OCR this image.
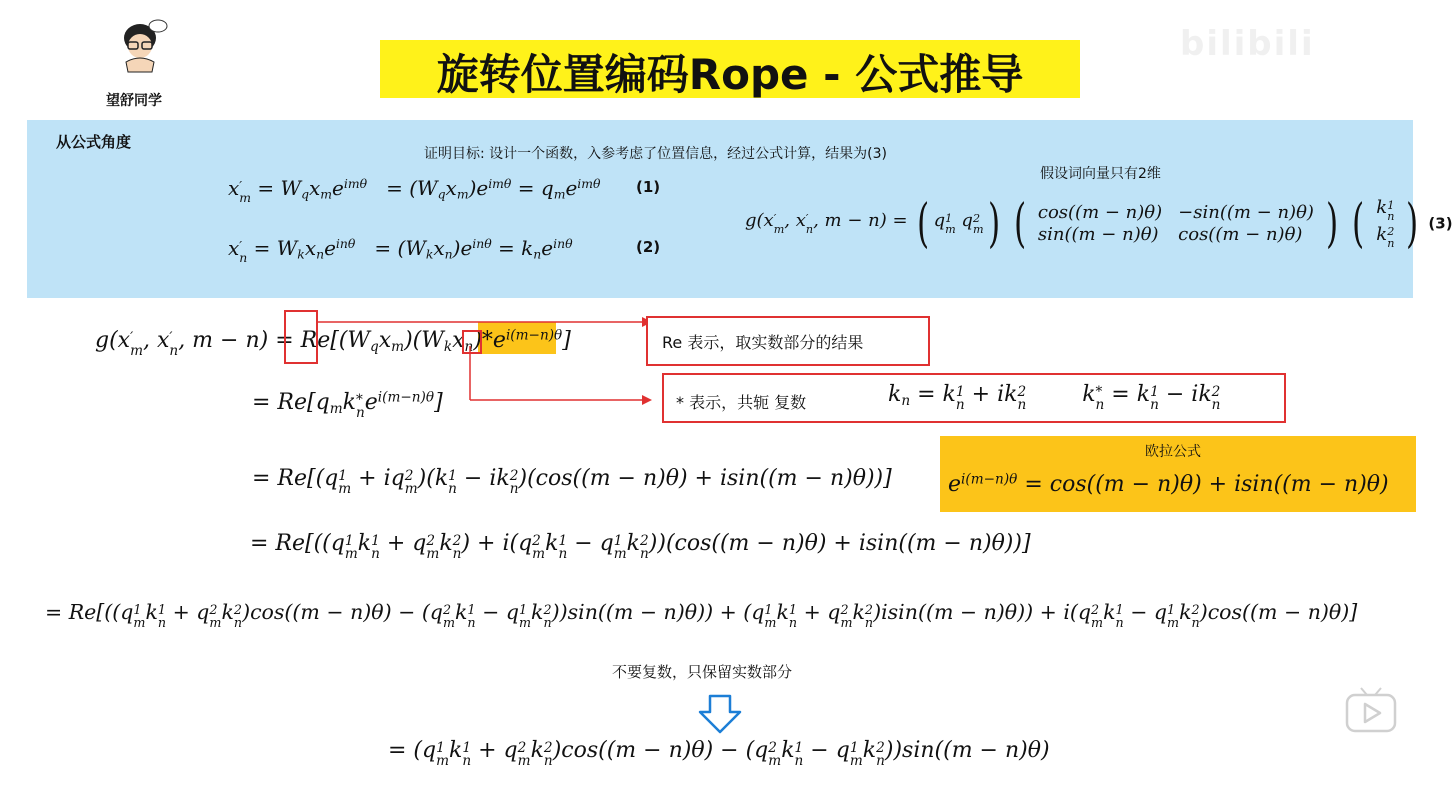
望舒同学
旋转位置编码Rope - 公式推导
bilibili
从公式角度
证明目标: 设计一个函数，入参考虑了位置信息，经过公式计算，结果为(3)
假设词向量只有2维
x ′
$m = W_qx_me^{im\theta} = (W_qx_m)e^{im\theta} = q_me^{im\theta}$ (1)
x ′
$n = W_kx_ne^{in\theta} = (W_kx_n)e^{in\theta} = k_ne^{in\theta}$	(2)
g(x ′
m , x ′
n , m − n) = ( q 1
m q 2
m )
( cos((m − n)θ)	−sin((m − n)θ)
sin((m − n)θ)	cos((m − n)θ) )
( k 1
n

k 2
n ) (3)
g(x ′
m , x ′
n , $m - n) = Re[(W_qx_m)(W_kx_n)*e^{i(m-n)\theta}]$	Re 表示，取实数部分的结果
* 表示，共轭 复数	$k_n = k$ 1
n + ik 2
n k *
n = k 1
n − ik 2
n
= $Re[q_mk$ *
n $e^{i(m-n)\theta}$]
欧拉公式
$e^{i(m-n)\theta} = \cos((m - n)\theta) + isin((m - n)\theta)$
= Re[(q 1
m + iq 2
m )(k 1
n − ik 2
n )(cos((m − n)θ) + isin((m − n)θ))]
= Re[((q 1
m k 1
n + q 2
m k 2
n ) + i(q 2
m k 1
n − q 1
m k 2
n ))(cos((m − n)θ) + isin((m − n)θ))]
= Re[((q 1
m k 1
n + q 2
m k 2
n )cos((m − n)θ) − (q 2
m k 1
n − q 1
m k 2
n ))sin((m − n)θ)) + (q 1
m k 1
n + q 2
m k 2
n )isin((m − n)θ)) + i(q 2
m k 1
n − q 1
m k 2
n )cos((m − n)θ)]
不要复数，只保留实数部分
= (q 1
m k 1
n + q 2
m k 2
n )cos((m − n)θ) − (q 2
m k 1
n − q 1
m k 2
n ))sin((m − n)θ)
